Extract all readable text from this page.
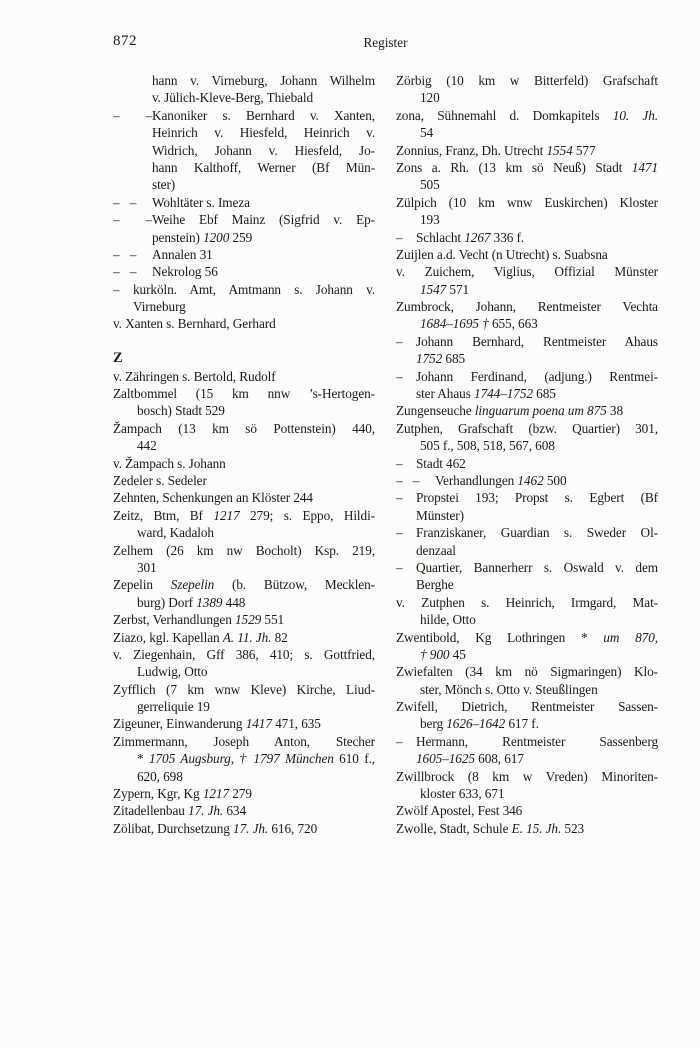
872	Register
hann v. Virneburg, Johann Wilhelm
v. Jülich-Kleve-Berg, Thiebald
– –Kanoniker s. Bernhard v. Xanten,
Heinrich v. Hiesfeld, Heinrich v.
Widrich, Johann v. Hiesfeld, Jo-
hann Kalthoff, Werner (Bf Mün-
ster)
– – Wohltäter s. Imeza
– –Weihe Ebf Mainz (Sigfrid v. Ep-
penstein) 1200 259
– – Annalen 31
– – Nekrolog 56
– kurköln. Amt, Amtmann s. Johann v.
Virneburg
v. Xanten s. Bernhard, Gerhard
Z
v. Zähringen s. Bertold, Rudolf
Zaltbommel (15 km nnw ’s-Hertogen-
bosch) Stadt 529
Žampach (13 km sö Pottenstein) 440,
442
v. Žampach s. Johann
Zedeler s. Sedeler
Zehnten, Schenkungen an Klöster 244
Zeitz, Btm, Bf 1217 279; s. Eppo, Hildi-
ward, Kadaloh
Zelhem (26 km nw Bocholt) Ksp. 219,
301
Zepelin Szepelin (b. Bützow, Mecklen-
burg) Dorf 1389 448
Zerbst, Verhandlungen 1529 551
Ziazo, kgl. Kapellan A. 11. Jh. 82
v. Ziegenhain, Gff 386, 410; s. Gottfried,
Ludwig, Otto
Zyfflich (7 km wnw Kleve) Kirche, Liud-
gerreliquie 19
Zigeuner, Einwanderung 1417 471, 635
Zimmermann, Joseph Anton, Stecher
* 1705 Augsburg, † 1797 München 610 f.,
620, 698
Zypern, Kgr, Kg 1217 279
Zitadellenbau 17. Jh. 634
Zölibat, Durchsetzung 17. Jh. 616, 720
Zörbig (10 km w Bitterfeld) Grafschaft
120
zona, Sühnemahl d. Domkapitels 10. Jh.
54
Zonnius, Franz, Dh. Utrecht 1554 577
Zons a. Rh. (13 km sö Neuß) Stadt 1471
505
Zülpich (10 km wnw Euskirchen) Kloster
193
– Schlacht 1267 336 f.
Zuijlen a.d. Vecht (n Utrecht) s. Suabsna
v. Zuichem, Viglius, Offizial Münster
1547 571
Zumbrock, Johann, Rentmeister Vechta
1684–1695 † 655, 663
– Johann Bernhard, Rentmeister Ahaus
1752 685
– Johann Ferdinand, (adjung.) Rentmei-
ster Ahaus 1744–1752 685
Zungenseuche linguarum poena um 875 38
Zutphen, Grafschaft (bzw. Quartier) 301,
505 f., 508, 518, 567, 608
– Stadt 462
– – Verhandlungen 1462 500
– Propstei 193; Propst s. Egbert (Bf
Münster)
– Franziskaner, Guardian s. Sweder Ol-
denzaal
– Quartier, Bannerherr s. Oswald v. dem
Berghe
v. Zutphen s. Heinrich, Irmgard, Mat-
hilde, Otto
Zwentibold, Kg Lothringen * um 870,
† 900 45
Zwiefalten (34 km nö Sigmaringen) Klo-
ster, Mönch s. Otto v. Steußlingen
Zwifell, Dietrich, Rentmeister Sassen-
berg 1626–1642 617 f.
– Hermann, Rentmeister Sassenberg
1605–1625 608, 617
Zwillbrock (8 km w Vreden) Minoriten-
kloster 633, 671
Zwölf Apostel, Fest 346
Zwolle, Stadt, Schule E. 15. Jh. 523
